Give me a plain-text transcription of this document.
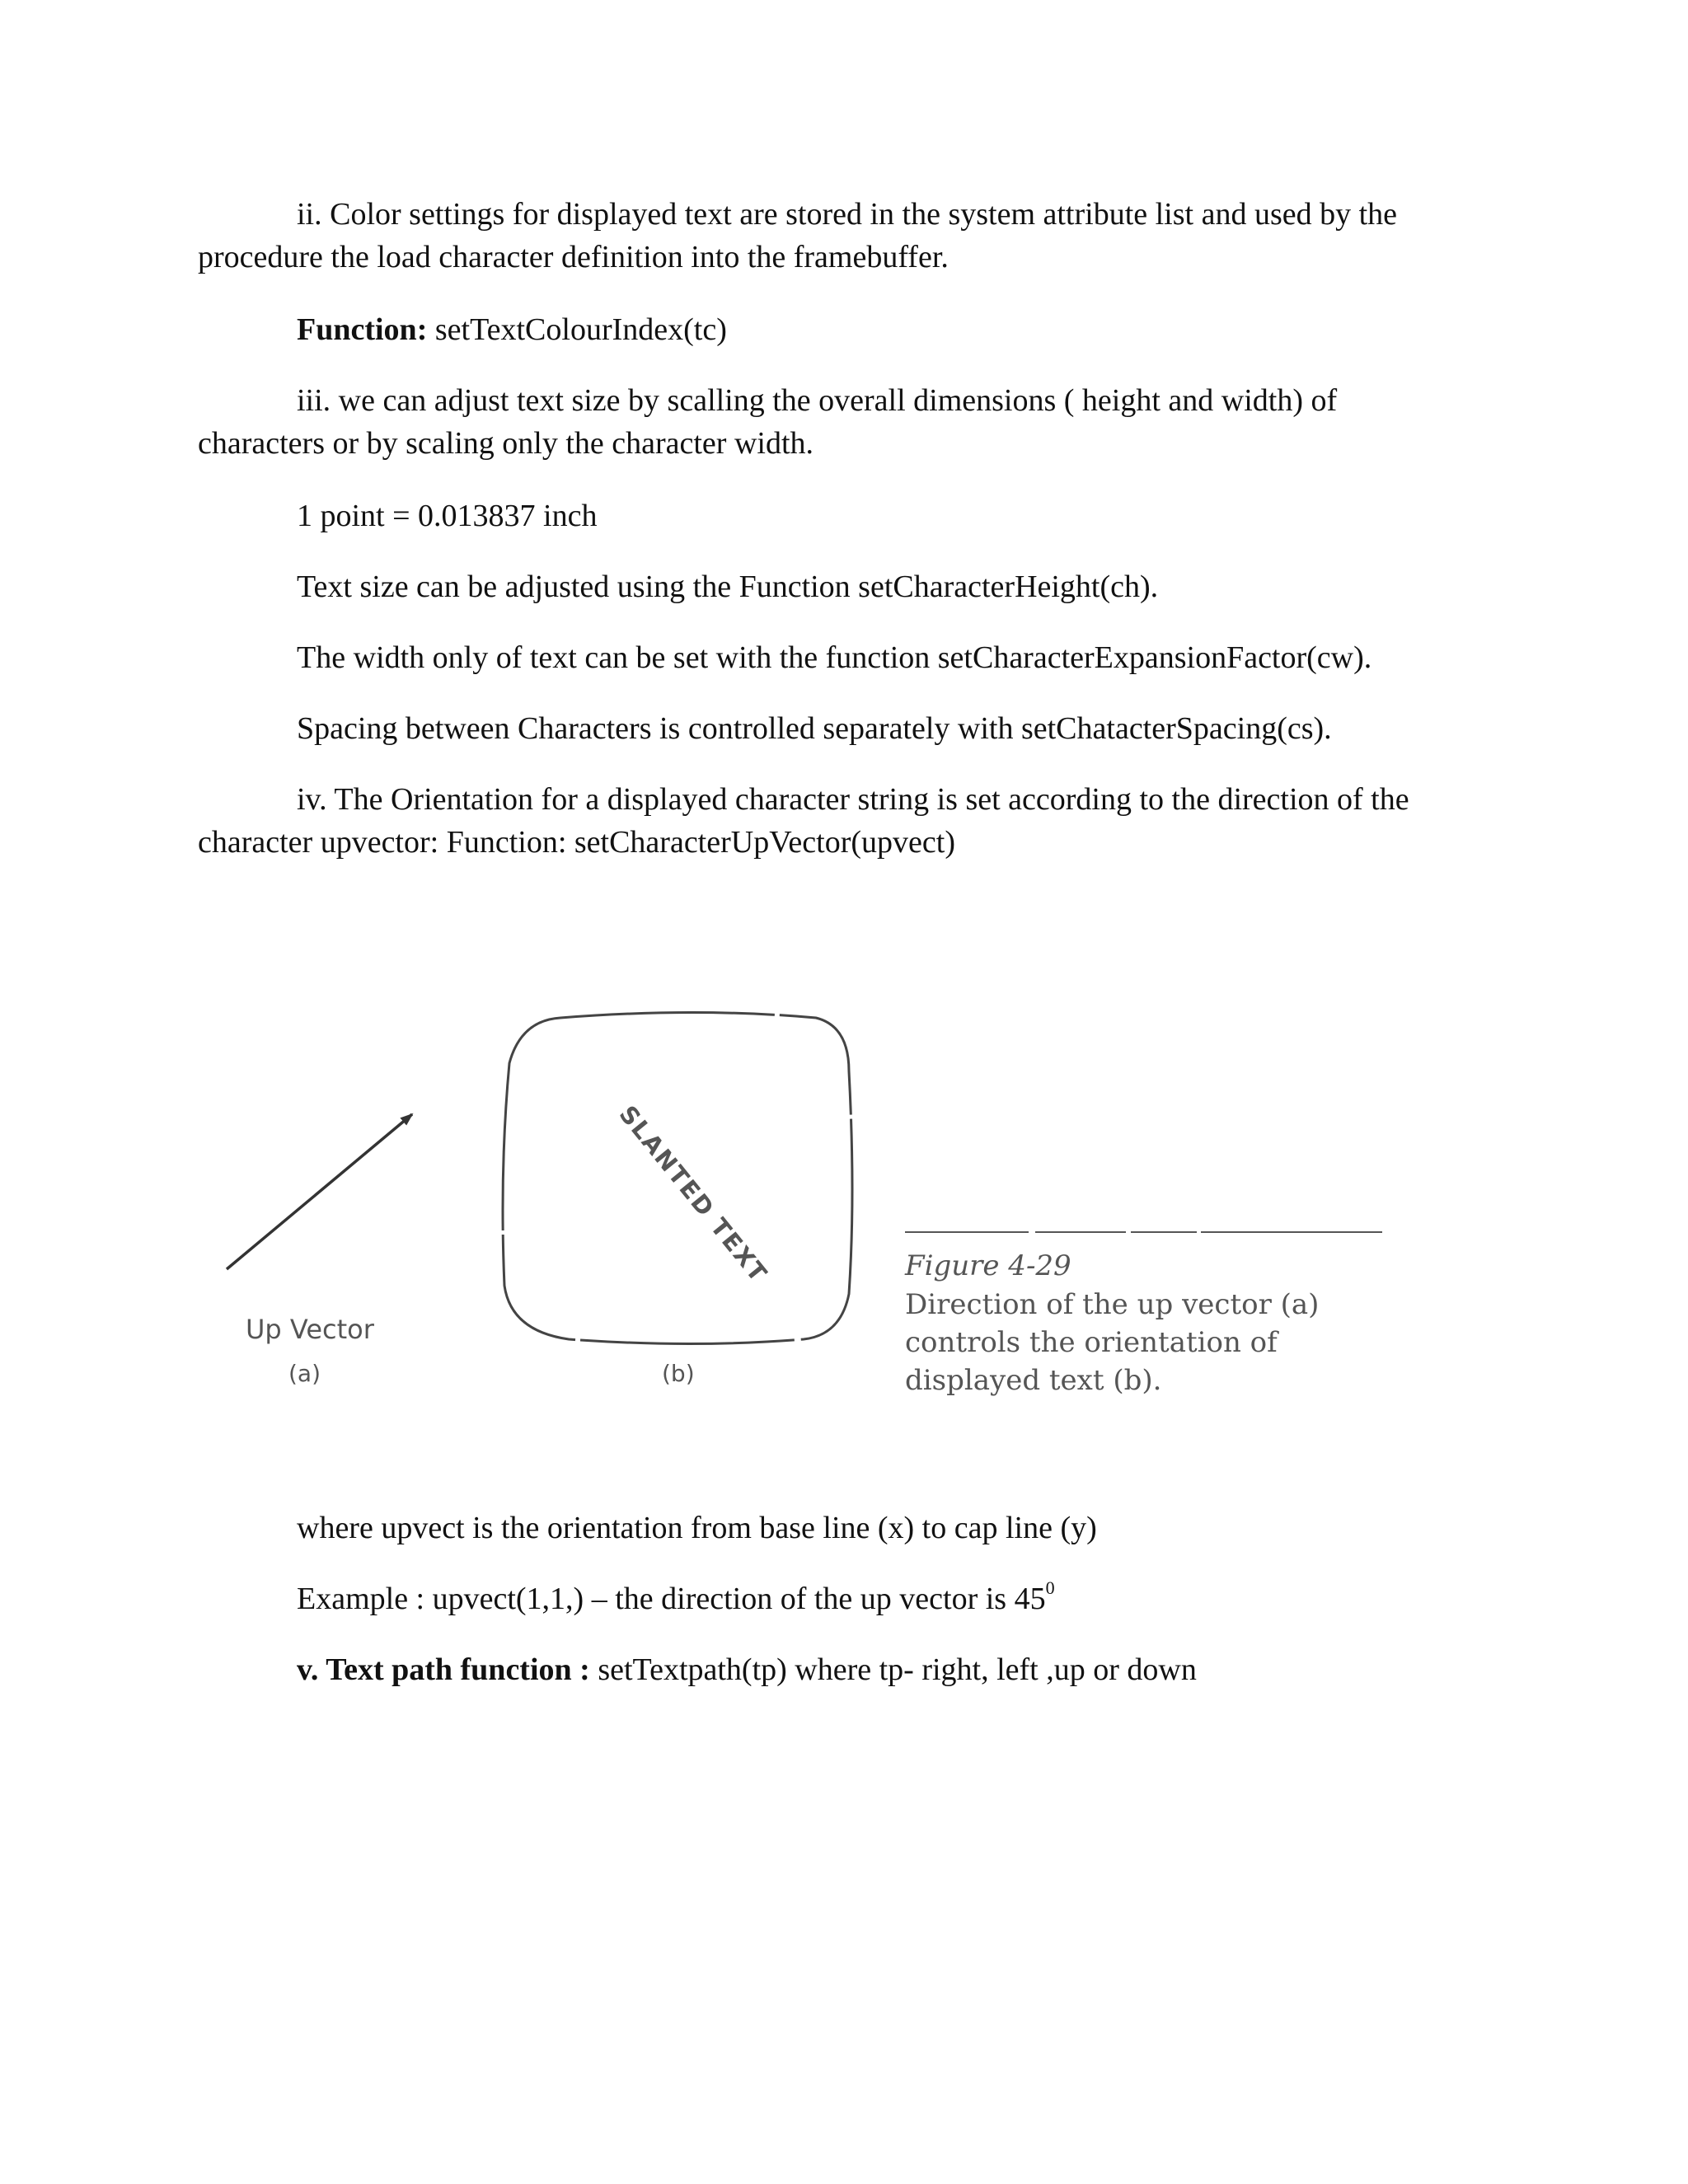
ii. Color settings for displayed text are stored in the system attribute list and used by the
procedure the load character definition into the framebuffer.

Function: setTextColourIndex(tc)

iii. we can adjust text size by scalling the overall dimensions ( height and width) of
characters or by scaling only the character width.

1 point = 0.013837 inch

Text size can be adjusted using the Function setCharacterHeight(ch).

The width only of text can be set with the function setCharacterExpansionFactor(cw).

Spacing between Characters is controlled separately with setChatacterSpacing(cs).

iv. The Orientation for a displayed character string is set according to the direction of the
character upvector: Function: setCharacterUpVector(upvect)

Up Vector
(a)
SLANTED TEXT
(b)
Figure 4-29
Direction of the up vector (a)
controls the orientation of
displayed text (b).

where upvect is the orientation from base line (x) to cap line (y)

Example : upvect(1,1,) – the direction of the up vector is $45^0$

v. Text path function : setTextpath(tp) where tp- right, left ,up or down
